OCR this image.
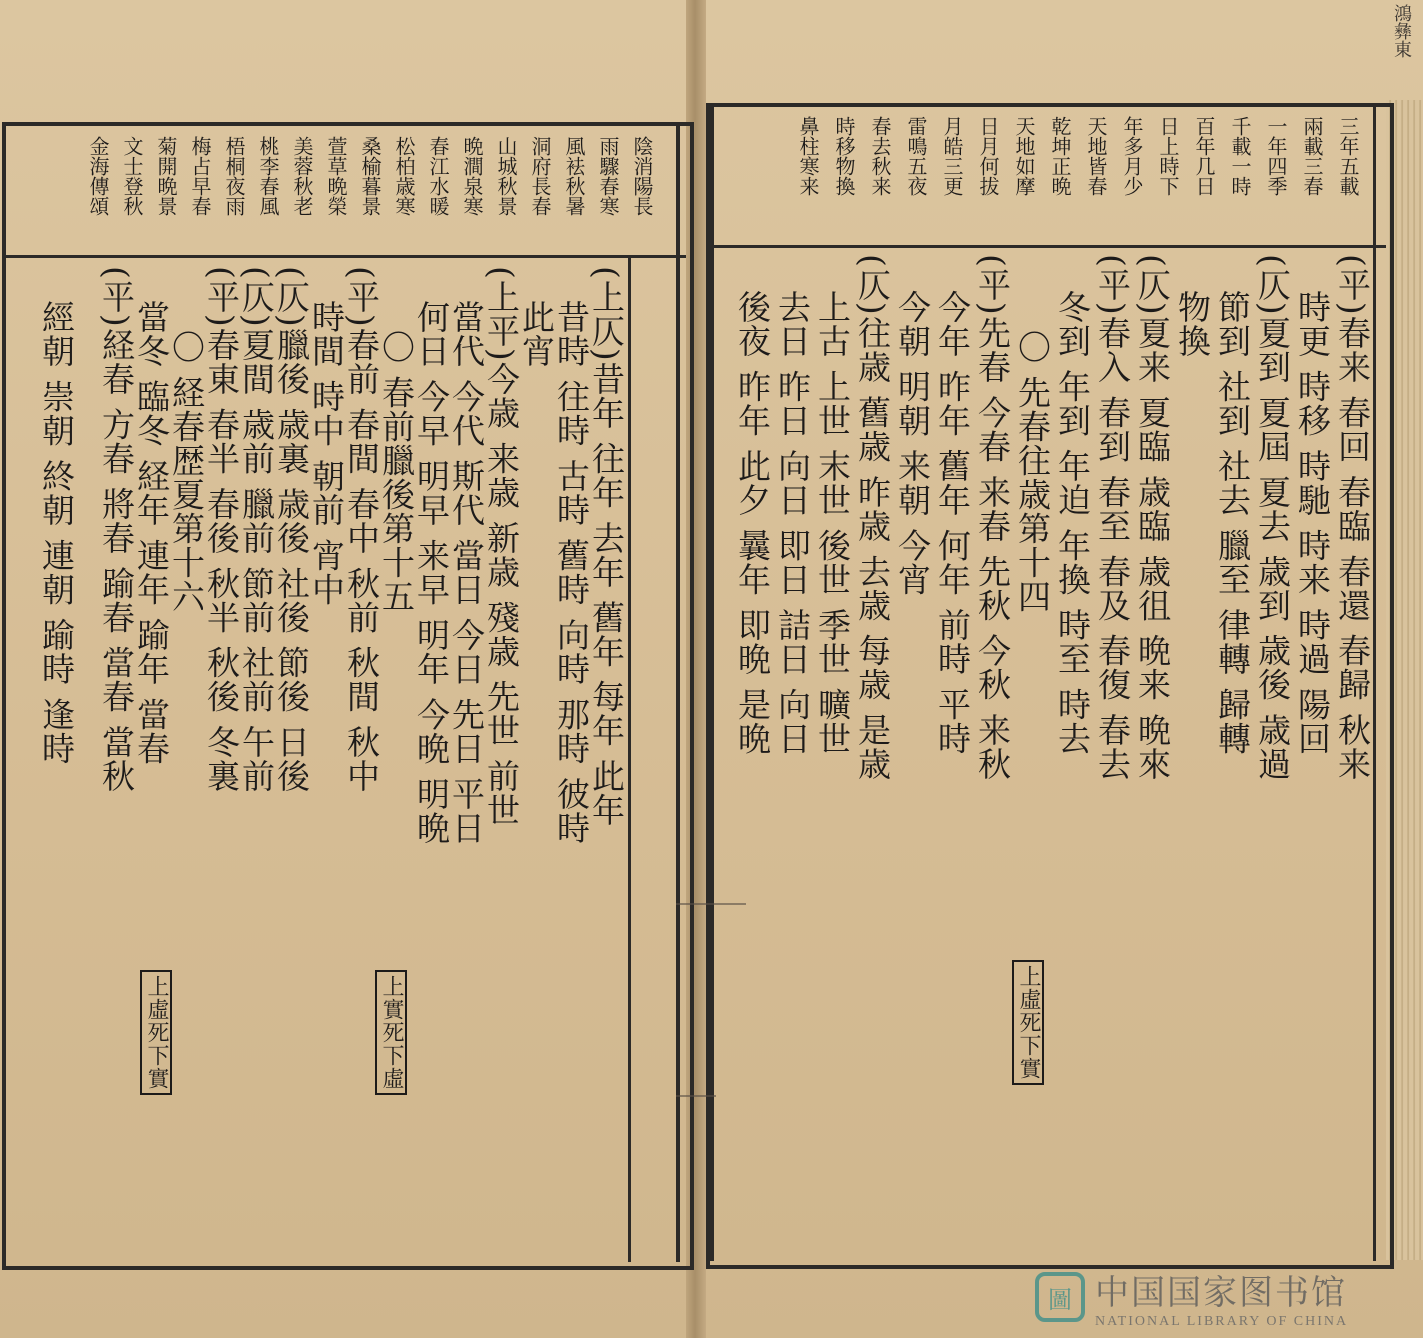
陰消陽長
雨驟春寒
風袪秋暑
洞府長春
山城秋景
晩澗泉寒
春江水暖
松柏歳寒
桑榆暮景
萱草晩榮
美蓉秋老
桃李春風
梧桐夜雨
梅占早春
菊開晩景
文士登秋
金海傳頌
(上仄)昔年 往年 去年 舊年 每年 此年
昔時 往時 古時 舊時 向時 那時 彼時
此宵
(上平)今歳 来歳 新歳 殘歳 先世 前世
當代 今代 斯代 當日 今日 先日 平日
何日 今早 明早 来早 明年 今晩 明晩
〇 春前臘後第十五
(平)春前 春間 春中 秋前 秋間 秋中
時間 時中 朝前 宵中
(仄)臘後 歳裏 歳後 社後 節後 日後
(仄)夏間 歳前 臘前 節前 社前 午前
(平)春東 春半 春後 秋半 秋後 冬裏
〇 経春歴夏第十六
當冬 臨冬 経年 連年 踰年 當春
(平)経春 方春 將春 踰春 當春 當秋
經朝 崇朝 終朝 連朝 踰時 逢時
上實死下虛
上虛死下實
三年五載
兩載三春
一年四季
千載一時
百年几日
日上時下
年多月少
天地皆春
乾坤正晩
天地如摩
日月何拔
月皓三更
雷鳴五夜
春去秋来
時移物換
鼻柱寒来
(平)春来 春回 春臨 春還 春歸 秋来
時更 時移 時馳 時来 時過 陽回
(仄)夏到 夏屆 夏去 歳到 歳後 歳過
節到 社到 社去 臘至 律轉 歸轉
物換
(仄)夏来 夏臨 歳臨 歳徂 晩来 晩來
(平)春入 春到 春至 春及 春復 春去
冬到 年到 年迫 年換 時至 時去
〇 先春往歳第十四
(平)先春 今春 来春 先秋 今秋 来秋
今年 昨年 舊年 何年 前時 平時
今朝 明朝 来朝 今宵
(仄)往歳 舊歳 昨歳 去歳 每歳 是歳
上古 上世 末世 後世 季世 曠世
去日 昨日 向日 即日 詰日 向日
後夜 昨年 此夕 曩年 即晩 是晩
上虛死下實
鴻彝東
圖 中国国家图书馆
NATIONAL LIBRARY OF CHINA
